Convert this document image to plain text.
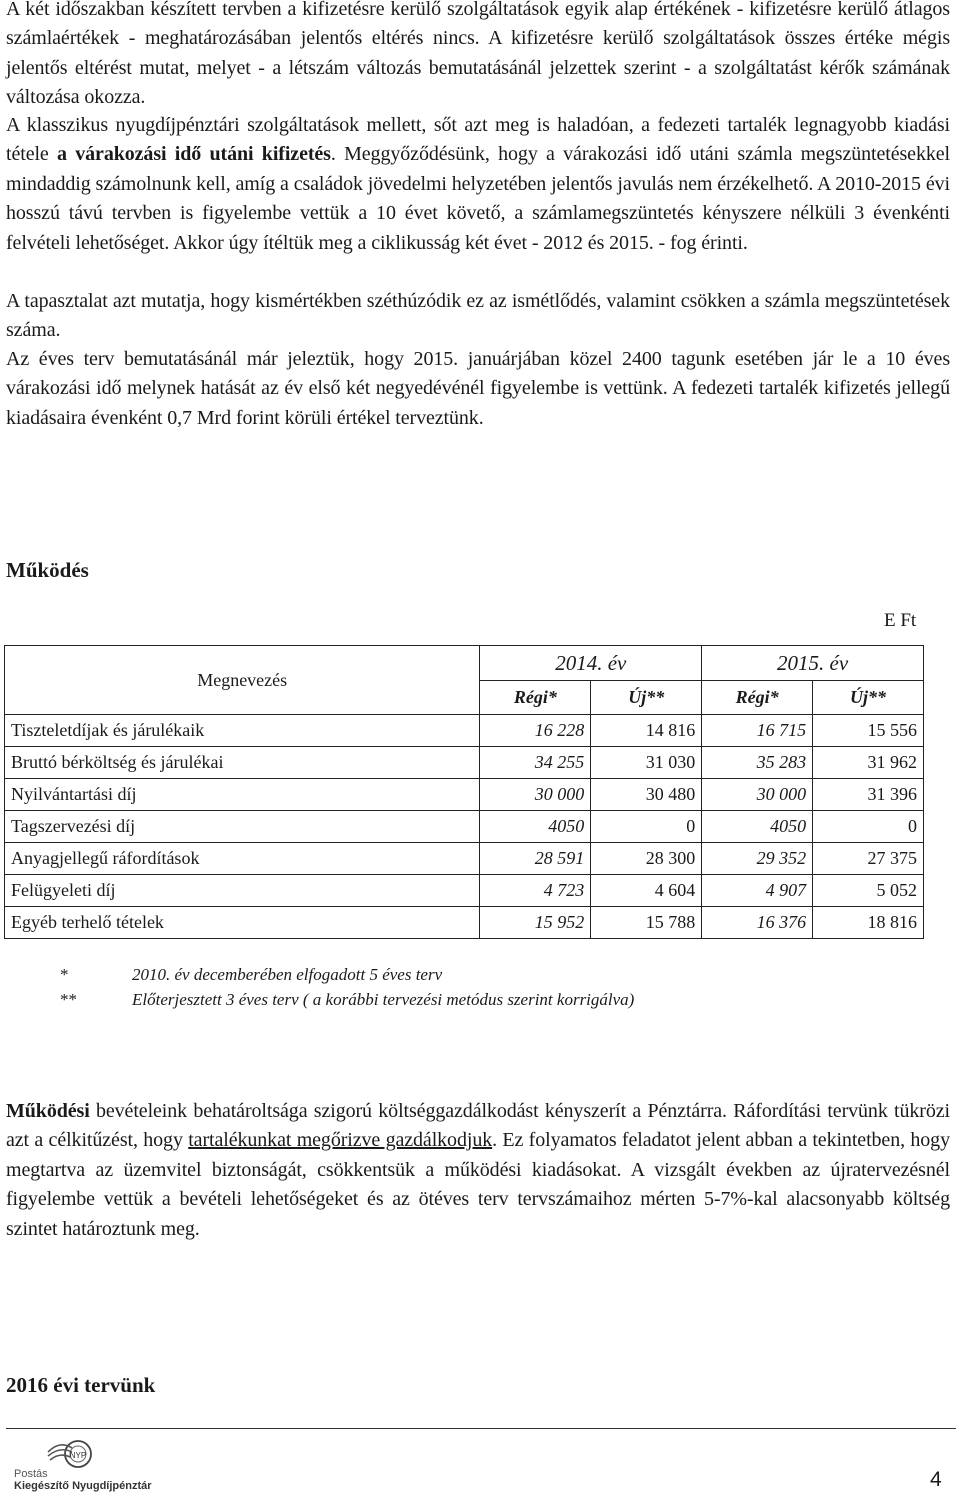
A két időszakban készített tervben a kifizetésre kerülő szolgáltatások egyik alap értékének - kifizetésre kerülő átlagos számlaértékek - meghatározásában jelentős eltérés nincs. A kifizetésre kerülő szolgáltatások összes értéke mégis jelentős eltérést mutat, melyet - a létszám változás bemutatásánál jelzettek szerint - a szolgáltatást kérők számának változása okozza.

A klasszikus nyugdíjpénztári szolgáltatások mellett, sőt azt meg is haladóan, a fedezeti tartalék legnagyobb kiadási tétele a várakozási idő utáni kifizetés. Meggyőződésünk, hogy a várakozási idő utáni számla megszüntetésekkel mindaddig számolnunk kell, amíg a családok jövedelmi helyzetében jelentős javulás nem érzékelhető. A 2010-2015 évi hosszú távú tervben is figyelembe vettük a 10 évet követő, a számlamegszüntetés kényszere nélküli 3 évenkénti felvételi lehetőséget. Akkor úgy ítéltük meg a ciklikusság két évet - 2012 és 2015. - fog érinti.

A tapasztalat azt mutatja, hogy kismértékben széthúzódik ez az ismétlődés, valamint csökken a számla megszüntetések száma.

Az éves terv bemutatásánál már jeleztük, hogy 2015. januárjában közel 2400 tagunk esetében jár le a 10 éves várakozási idő melynek hatását az év első két negyedévénél figyelembe is vettünk. A fedezeti tartalék kifizetés jellegű kiadásaira évenként 0,7 Mrd forint körüli értékel terveztünk.

Működés
E Ft
Megnevezés	2014. év		2015. év	
	Régi*	Új**	Régi*	Új**
Tiszteletdíjak és járulékaik	16 228	14 816	16 715	15 556
Bruttó bérköltség és járulékai	34 255	31 030	35 283	31 962
Nyilvántartási díj	30 000	30 480	30 000	31 396
Tagszervezési díj	4050	0	4050	0
Anyagjellegű ráfordítások	28 591	28 300	29 352	27 375
Felügyeleti díj	4 723	4 604	4 907	5 052
Egyéb terhelő tételek	15 952	15 788	16 376	18 816
*	2010. év decemberében elfogadott 5 éves terv
**	Előterjesztett 3 éves terv ( a korábbi tervezési metódus szerint korrigálva)

Működési bevételeink behatároltsága szigorú költséggazdálkodást kényszerít a Pénztárra. Ráfordítási tervünk tükrözi azt a célkitűzést, hogy tartalékunkat megőrizve gazdálkodjuk. Ez folyamatos feladatot jelent abban a tekintetben, hogy megtartva az üzemvitel biztonságát, csökkentsük a működési kiadásokat. A vizsgált években az újratervezésnél figyelembe vettük a bevételi lehetőségeket és az ötéves terv tervszámaihoz mérten 5-7%-kal alacsonyabb költség szintet határoztunk meg.

2016 évi tervünk
NYP
Postás
Kiegészítő Nyugdíjpénztár	4
